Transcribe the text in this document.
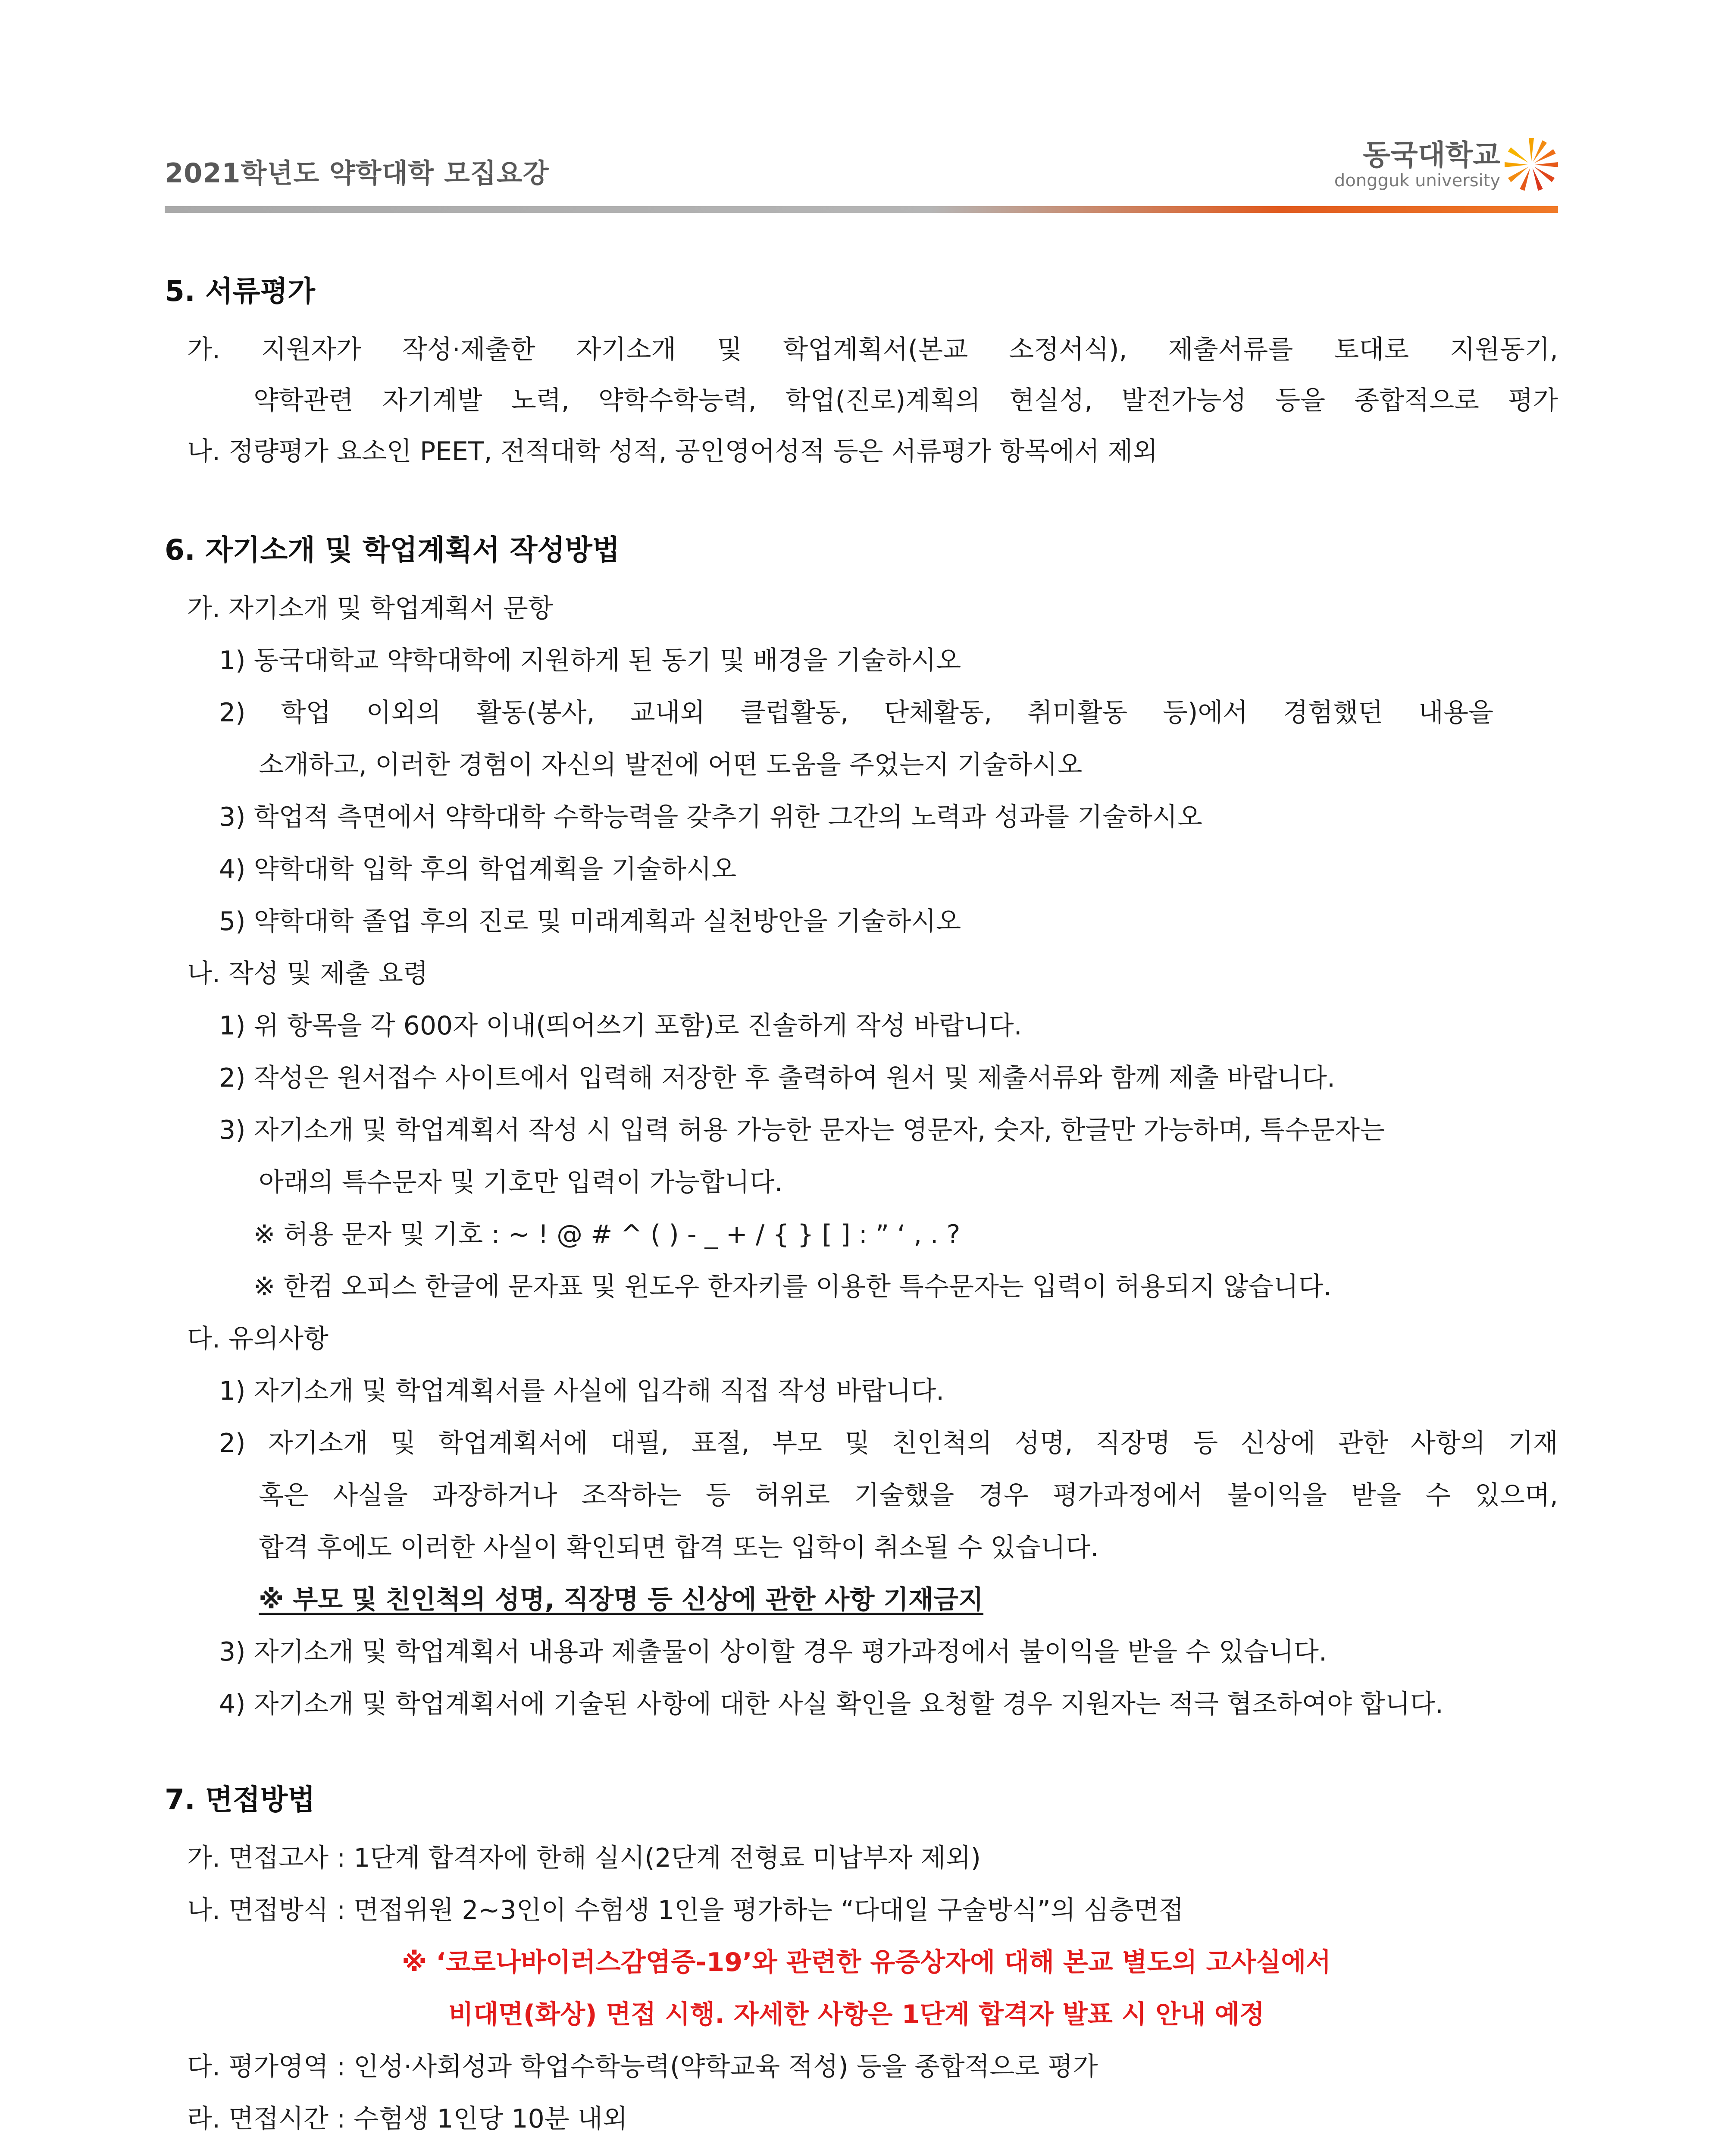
2021학년도 약학대학 모집요강
동국대학교
dongguk university
5. 서류평가
가. 지원자가 작성·제출한 자기소개 및 학업계획서(본교 소정서식), 제출서류를 토대로 지원동기,
약학관련 자기계발 노력, 약학수학능력, 학업(진로)계획의 현실성, 발전가능성 등을 종합적으로 평가
나. 정량평가 요소인 PEET, 전적대학 성적, 공인영어성적 등은 서류평가 항목에서 제외
6. 자기소개 및 학업계획서 작성방법
가. 자기소개 및 학업계획서 문항
1) 동국대학교 약학대학에 지원하게 된 동기 및 배경을 기술하시오
2) 학업 이외의 활동(봉사, 교내외 클럽활동, 단체활동, 취미활동 등)에서 경험했던 내용을
소개하고, 이러한 경험이 자신의 발전에 어떤 도움을 주었는지 기술하시오
3) 학업적 측면에서 약학대학 수학능력을 갖추기 위한 그간의 노력과 성과를 기술하시오
4) 약학대학 입학 후의 학업계획을 기술하시오
5) 약학대학 졸업 후의 진로 및 미래계획과 실천방안을 기술하시오
나. 작성 및 제출 요령
1) 위 항목을 각 600자 이내(띄어쓰기 포함)로 진솔하게 작성 바랍니다.
2) 작성은 원서접수 사이트에서 입력해 저장한 후 출력하여 원서 및 제출서류와 함께 제출 바랍니다.
3) 자기소개 및 학업계획서 작성 시 입력 허용 가능한 문자는 영문자, 숫자, 한글만 가능하며, 특수문자는
아래의 특수문자 및 기호만 입력이 가능합니다.
※ 허용 문자 및 기호 : ~ ! @ # ^ ( ) - _ + / { } [ ] : ” ‘ , . ?
※ 한컴 오피스 한글에 문자표 및 윈도우 한자키를 이용한 특수문자는 입력이 허용되지 않습니다.
다. 유의사항
1) 자기소개 및 학업계획서를 사실에 입각해 직접 작성 바랍니다.
2) 자기소개 및 학업계획서에 대필, 표절, 부모 및 친인척의 성명, 직장명 등 신상에 관한 사항의 기재
혹은 사실을 과장하거나 조작하는 등 허위로 기술했을 경우 평가과정에서 불이익을 받을 수 있으며,
합격 후에도 이러한 사실이 확인되면 합격 또는 입학이 취소될 수 있습니다.
※ 부모 및 친인척의 성명, 직장명 등 신상에 관한 사항 기재금지
3) 자기소개 및 학업계획서 내용과 제출물이 상이할 경우 평가과정에서 불이익을 받을 수 있습니다.
4) 자기소개 및 학업계획서에 기술된 사항에 대한 사실 확인을 요청할 경우 지원자는 적극 협조하여야 합니다.
7. 면접방법
가. 면접고사 : 1단계 합격자에 한해 실시(2단계 전형료 미납부자 제외)
나. 면접방식 : 면접위원 2~3인이 수험생 1인을 평가하는 “다대일 구술방식”의 심층면접
※ ‘코로나바이러스감염증-19’와 관련한 유증상자에 대해 본교 별도의 고사실에서
비대면(화상) 면접 시행. 자세한 사항은 1단계 합격자 발표 시 안내 예정
다. 평가영역 : 인성·사회성과 학업수학능력(약학교육 적성) 등을 종합적으로 평가
라. 면접시간 : 수험생 1인당 10분 내외
